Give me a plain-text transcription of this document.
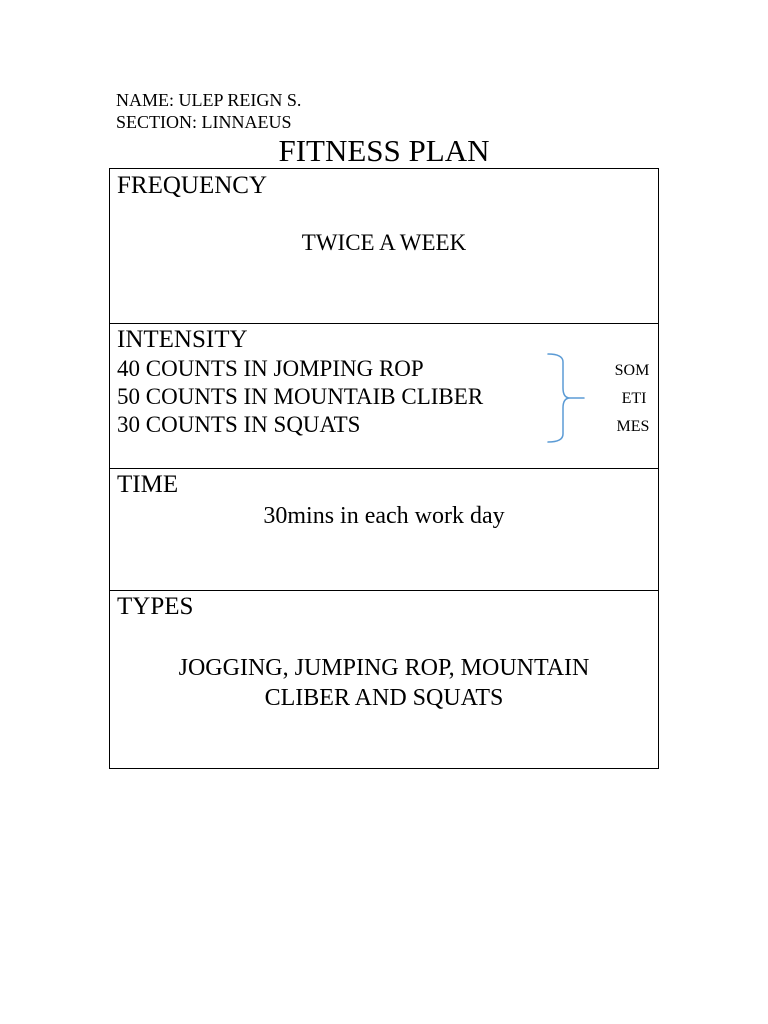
NAME: ULEP REIGN S.
SECTION: LINNAEUS
FITNESS PLAN
FREQUENCY
TWICE A WEEK
INTENSITY
40 COUNTS IN JOMPING ROP
50 COUNTS IN MOUNTAIB CLIBER
30 COUNTS IN SQUATS
SOM
ETI
MES
TIME
30mins in each work day
TYPES
JOGGING, JUMPING ROP, MOUNTAIN
CLIBER AND SQUATS
